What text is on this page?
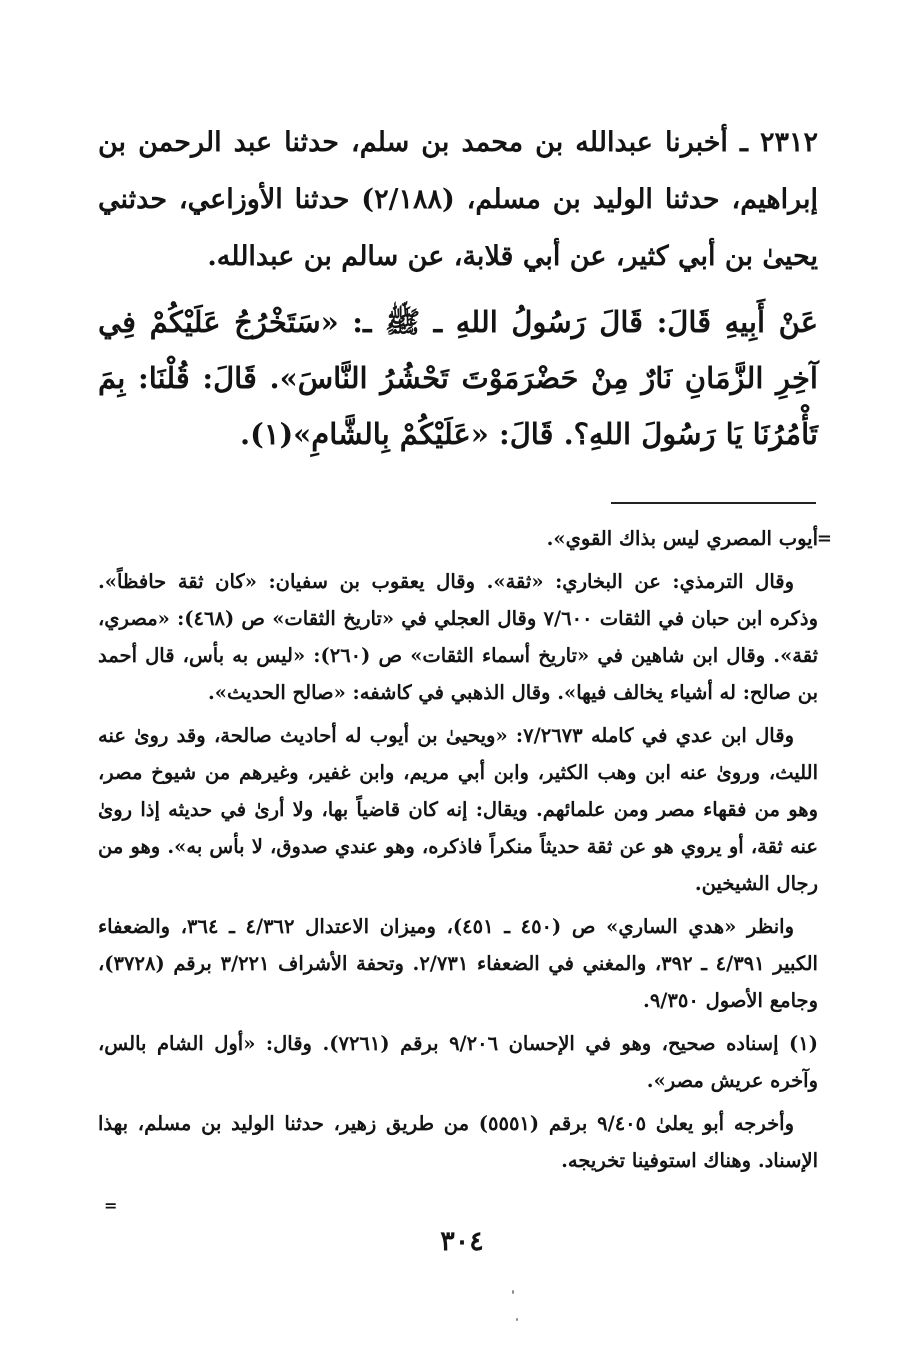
٢٣١٢ ـ أخبرنا عبدالله بن محمد بن سلم، حدثنا عبد الرحمن بن إبراهيم، حدثنا الوليد بن مسلم، (٢/١٨٨) حدثنا الأوزاعي، حدثني يحيىٰ بن أبي كثير، عن أبي قلابة، عن سالم بن عبدالله.
عَنْ أَبِيهِ قَالَ: قَالَ رَسُولُ اللهِ ـ ﷺ ـ: «سَتَخْرُجُ عَلَيْكُمْ فِي آخِرِ الزَّمَانِ نَارٌ مِنْ حَضْرَمَوْتَ تَحْشُرُ النَّاسَ». قَالَ: قُلْنَا: بِمَ تَأْمُرُنَا يَا رَسُولَ اللهِ؟. قَالَ: «عَلَيْكُمْ بِالشَّامِ»(١).
=

أيوب المصري ليس بذاك القوي».

وقال الترمذي: عن البخاري: «ثقة». وقال يعقوب بن سفيان: «كان ثقة حافظاً». وذكره ابن حبان في الثقات ٧/٦٠٠ وقال العجلي في «تاريخ الثقات» ص (٤٦٨): «مصري، ثقة». وقال ابن شاهين في «تاريخ أسماء الثقات» ص (٢٦٠): «ليس به بأس، قال أحمد بن صالح: له أشياء يخالف فيها». وقال الذهبي في كاشفه: «صالح الحديث».

وقال ابن عدي في كامله ٧/٢٦٧٣: «ويحيىٰ بن أيوب له أحاديث صالحة، وقد روىٰ عنه الليث، وروىٰ عنه ابن وهب الكثير، وابن أبي مريم، وابن غفير، وغيرهم من شيوخ مصر، وهو من فقهاء مصر ومن علمائهم. ويقال: إنه كان قاضياً بها، ولا أرىٰ في حديثه إذا روىٰ عنه ثقة، أو يروي هو عن ثقة حديثاً منكراً فاذكره، وهو عندي صدوق، لا بأس به». وهو من رجال الشيخين.

وانظر «هدي الساري» ص (٤٥٠ ـ ٤٥١)، وميزان الاعتدال ٤/٣٦٢ ـ ٣٦٤، والضعفاء الكبير ٤/٣٩١ ـ ٣٩٢، والمغني في الضعفاء ٢/٧٣١. وتحفة الأشراف ٣/٢٢١ برقم (٣٧٢٨)، وجامع الأصول ٩/٣٥٠.

(١) إسناده صحيح، وهو في الإحسان ٩/٢٠٦ برقم (٧٢٦١). وقال: «أول الشام بالس، وآخره عريش مصر».

وأخرجه أبو يعلىٰ ٩/٤٠٥ برقم (٥٥٥١) من طريق زهير، حدثنا الوليد بن مسلم، بهذا الإسناد. وهناك استوفينا تخريجه.

=
٣٠٤
